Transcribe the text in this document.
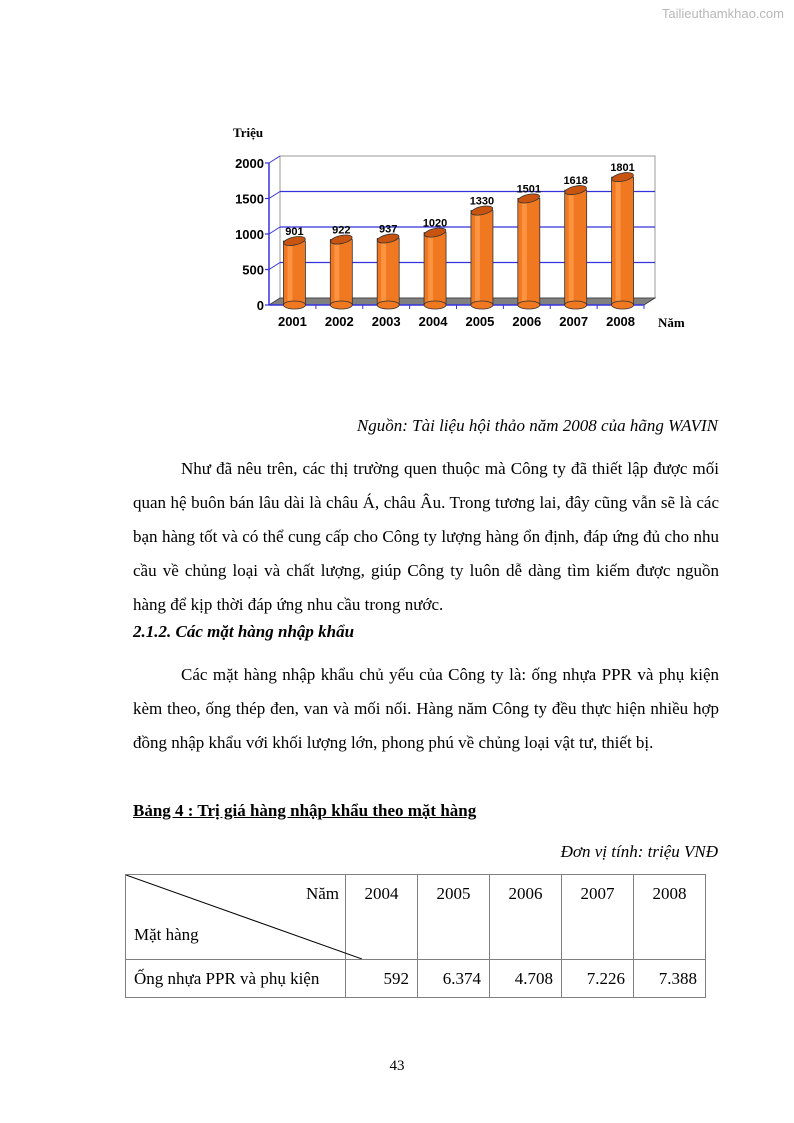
Tailieuthamkhao.com
0
500
1000
1500
2000
Triệu
901
2001
922
2002
937
2003
1020
2004
1330
2005
1501
2006
1618
2007
1801
2008 Năm
Nguồn: Tài liệu hội thảo năm 2008 của hãng WAVIN
Như đã nêu trên, các thị trường quen thuộc mà Công ty đã thiết lập được mối quan hệ buôn bán lâu dài là châu Á, châu Âu. Trong tương lai, đây cũng vẫn sẽ là các bạn hàng tốt và có thể cung cấp cho Công ty lượng hàng ổn định, đáp ứng đủ cho nhu cầu về chủng loại và chất lượng, giúp Công ty luôn dễ dàng tìm kiếm được nguồn hàng để kịp thời đáp ứng nhu cầu trong nước.
2.1.2. Các mặt hàng nhập khẩu
Các mặt hàng nhập khẩu chủ yếu của Công ty là: ống nhựa PPR và phụ kiện kèm theo, ống thép đen, van và mối nối. Hàng năm Công ty đều thực hiện nhiều hợp đồng nhập khẩu với khối lượng lớn, phong phú về chủng loại vật tư, thiết bị.
Bảng 4 : Trị giá hàng nhập khẩu theo mặt hàng
Đơn vị tính: triệu VNĐ
Năm
Mặt hàng	2004	2005	2006	2007	2008
Ống nhựa PPR và phụ kiện	592	6.374	4.708	7.226	7.388
43
